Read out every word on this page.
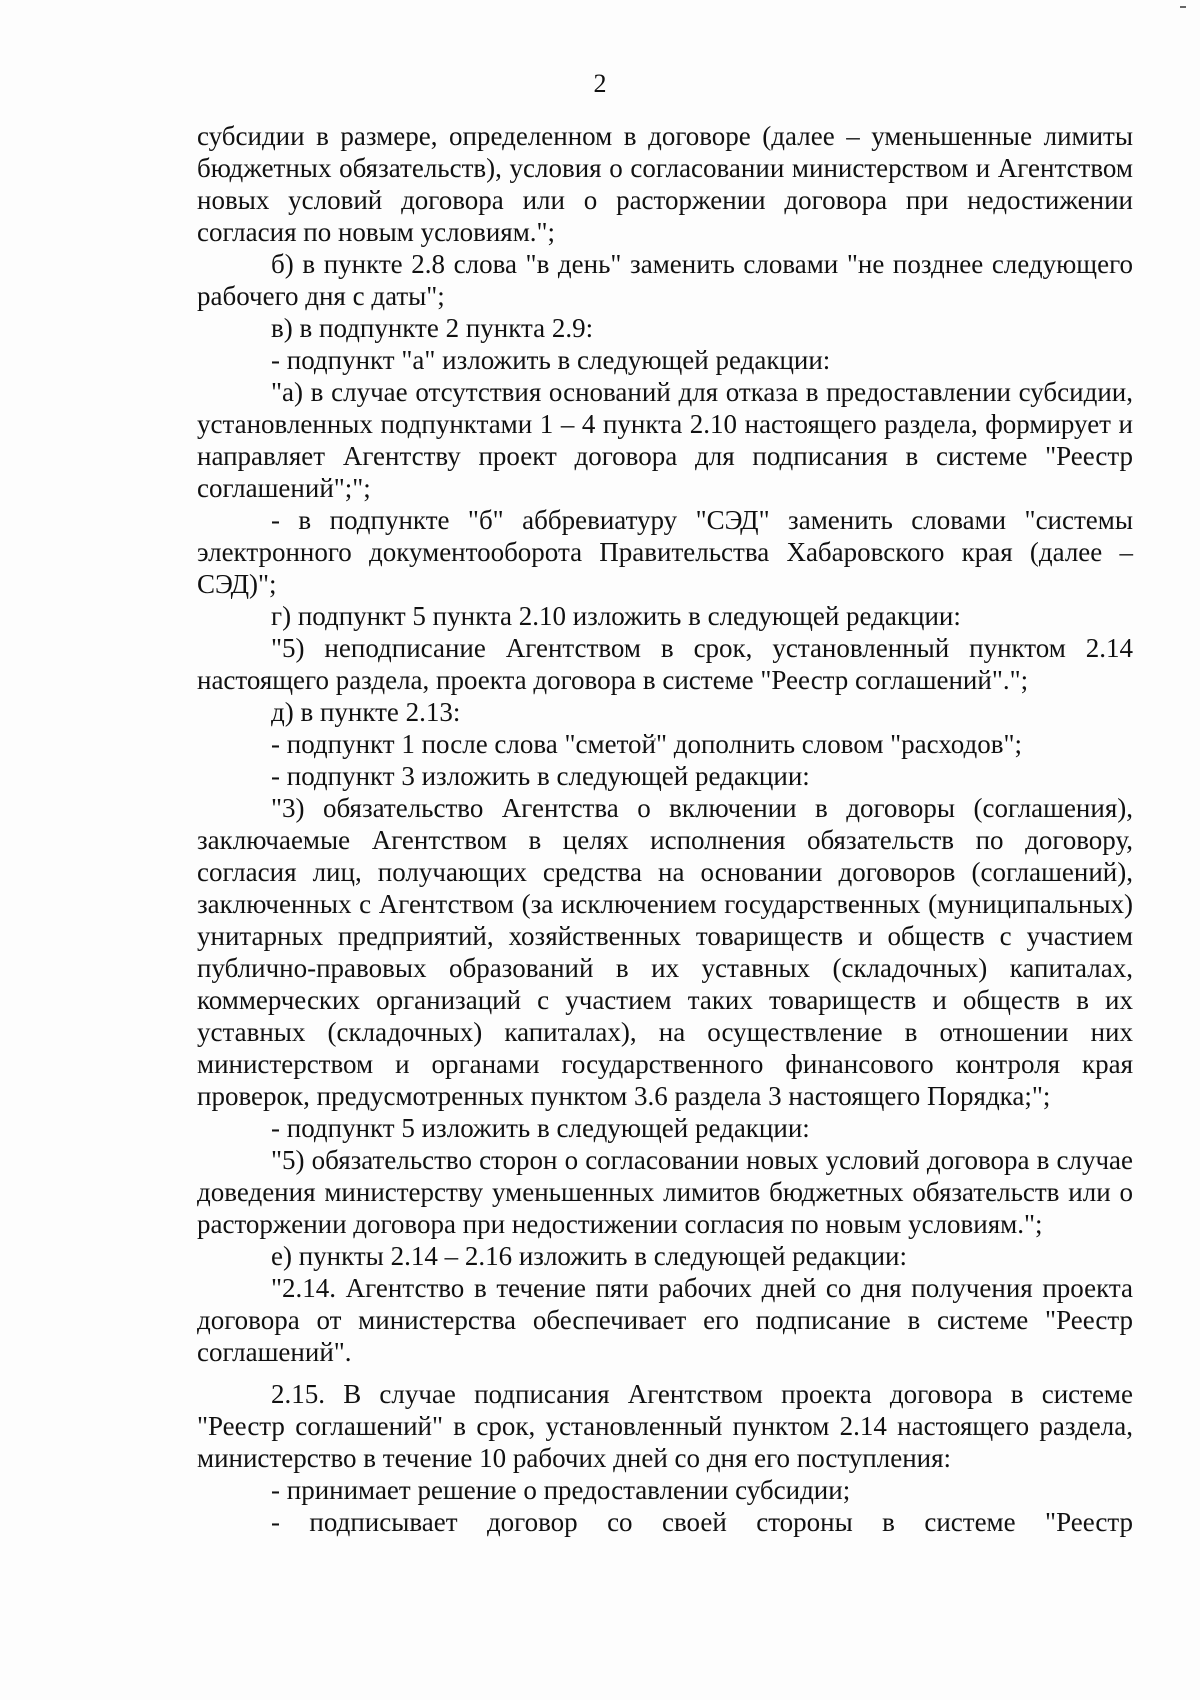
2

субсидии в размере, определенном в договоре (далее – уменьшенные лимиты бюджетных обязательств), условия о согласовании министерством и Агентством новых условий договора или о расторжении договора при недостижении согласия по новым условиям.";

б) в пункте 2.8 слова "в день" заменить словами "не позднее следующего рабочего дня с даты";

в) в подпункте 2 пункта 2.9:

- подпункт "а" изложить в следующей редакции:

"а) в случае отсутствия оснований для отказа в предоставлении субсидии, установленных подпунктами 1 – 4 пункта 2.10 настоящего раздела, формирует и направляет Агентству проект договора для подписания в системе "Реестр соглашений";";

- в подпункте "б" аббревиатуру "СЭД" заменить словами "системы электронного документооборота Правительства Хабаровского края (далее – СЭД)";

г) подпункт 5 пункта 2.10 изложить в следующей редакции:

"5) неподписание Агентством в срок, установленный пунктом 2.14 настоящего раздела, проекта договора в системе "Реестр соглашений".";

д) в пункте 2.13:

- подпункт 1 после слова "сметой" дополнить словом "расходов";

- подпункт 3 изложить в следующей редакции:

"3) обязательство Агентства о включении в договоры (соглашения), заключаемые Агентством в целях исполнения обязательств по договору, согласия лиц, получающих средства на основании договоров (соглашений), заключенных с Агентством (за исключением государственных (муниципальных) унитарных предприятий, хозяйственных товариществ и обществ с участием публично-правовых образований в их уставных (складочных) капиталах, коммерческих организаций с участием таких товариществ и обществ в их уставных (складочных) капиталах), на осуществление в отношении них министерством и органами государственного финансового контроля края проверок, предусмотренных пунктом 3.6 раздела 3 настоящего Порядка;";

- подпункт 5 изложить в следующей редакции:

"5) обязательство сторон о согласовании новых условий договора в случае доведения министерству уменьшенных лимитов бюджетных обязательств или о расторжении договора при недостижении согласия по новым условиям.";

е) пункты 2.14 – 2.16 изложить в следующей редакции:

"2.14. Агентство в течение пяти рабочих дней со дня получения проекта договора от министерства обеспечивает его подписание в системе "Реестр соглашений".

2.15. В случае подписания Агентством проекта договора в системе "Реестр соглашений" в срок, установленный пунктом 2.14 настоящего раздела, министерство в течение 10 рабочих дней со дня его поступления:

- принимает решение о предоставлении субсидии;

- подписывает договор со своей стороны в системе "Реестр
